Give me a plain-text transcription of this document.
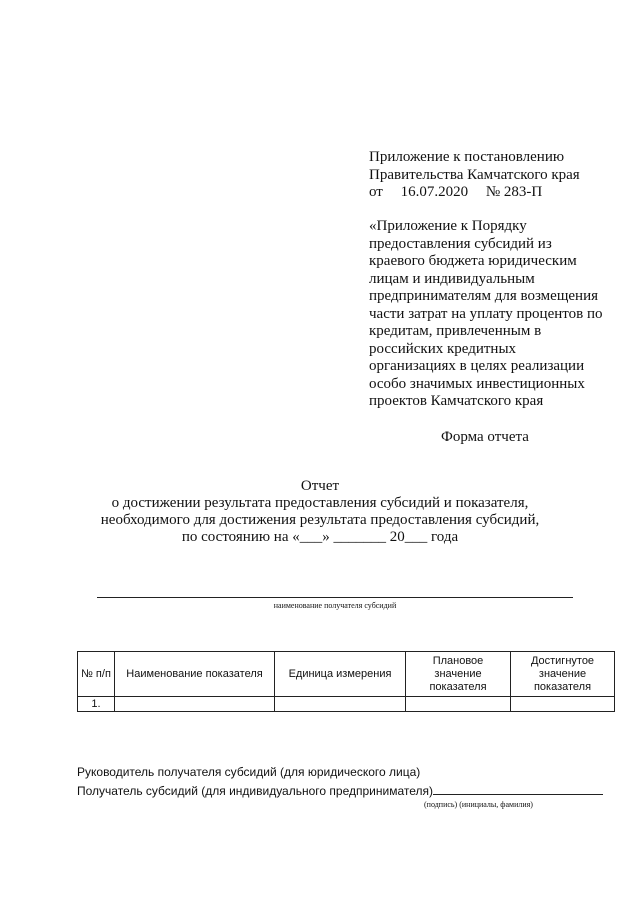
Приложение к постановлению
Правительства Камчатского края
от 16.07.2020 № 283-П
«Приложение к Порядку
предоставления субсидий из
краевого бюджета юридическим
лицам и индивидуальным
предпринимателям для возмещения
части затрат на уплату процентов по
кредитам, привлеченным в
российских кредитных
организациях в целях реализации
особо значимых инвестиционных
проектов Камчатского края
Форма отчета
Отчет
о достижении результата предоставления субсидий и показателя,
необходимого для достижения результата предоставления субсидий,
по состоянию на «___» _______ 20___ года
наименование получателя субсидий
№ п/п	Наименование показателя	Единица измерения	Плановое значение показателя	Достигнутое значение показателя
1.				
Руководитель получателя субсидий (для юридического лица)
Получатель субсидий (для индивидуального предпринимателя)
(подпись) (инициалы, фамилия)
